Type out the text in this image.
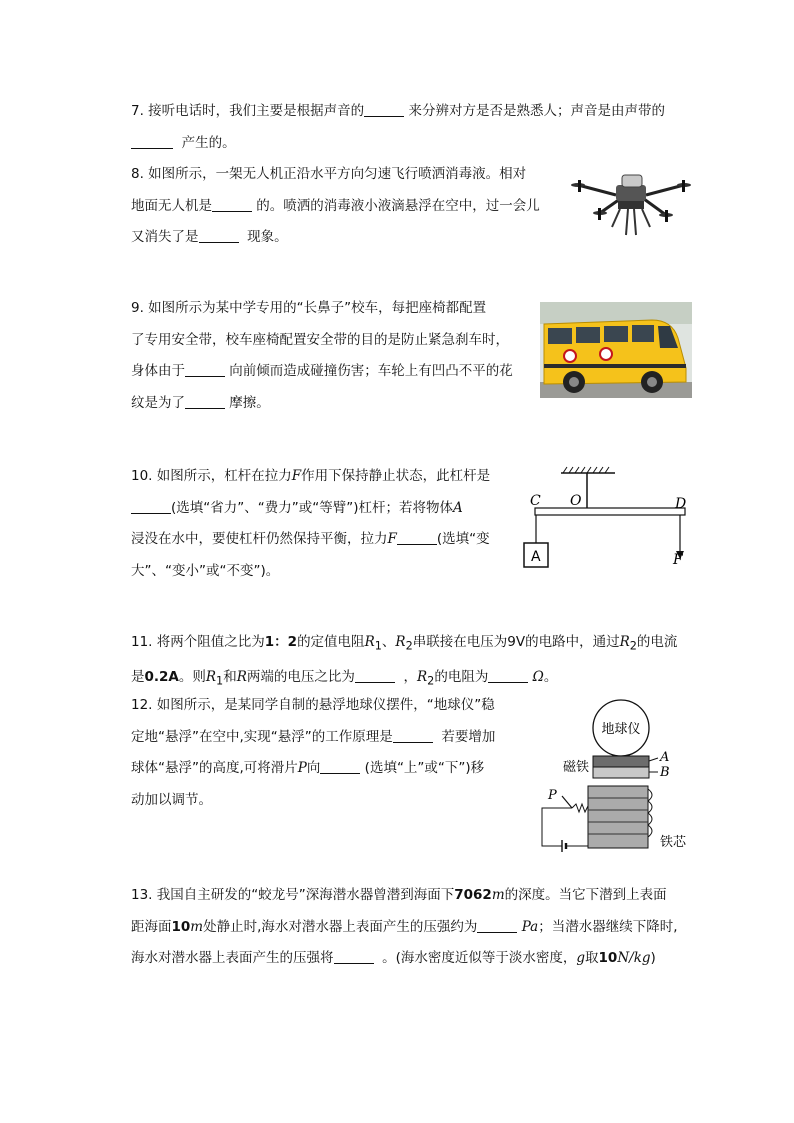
7. 接听电话时，我们主要是根据声音的	来分辨对方是否是熟悉人；声音是由声带的

产生的。

8. 如图所示，一架无人机正沿水平方向匀速飞行喷洒消毒液。相对

地面无人机是	的。喷洒的消毒液小液滴悬浮在空中，过一会儿

又消失了是	现象。

9. 如图所示为某中学专用的“长鼻子”校车，每把座椅都配置

了专用安全带，校车座椅配置安全带的目的是防止紧急刹车时，

身体由于	向前倾而造成碰撞伤害；车轮上有凹凸不平的花

纹是为了	摩擦。

10. 如图所示，杠杆在拉力F作用下保持静止状态，此杠杆是

(选填“省力”、“费力”或“等臂”)杠杆；若将物体A

浸没在水中，要使杠杆仍然保持平衡，拉力F	(选填“变

大”、“变小”或“不变”)。

C O	D
F
A

11. 将两个阻值之比为1：2的定值电阻$R_1$、$R_2$串联接在电压为9V的电路中，通过$R_2$的电流

是0.2A。则$R_1$和R两端的电压之比为	，$R_2$的电阻为	Ω。

12. 如图所示，是某同学自制的悬浮地球仪摆件，“地球仪”稳

定地“悬浮”在空中,实现“悬浮”的工作原理是	若要增加

球体“悬浮”的高度,可将滑片P向	(选填“上”或“下”)移

动加以调节。

地球仪
A
B
磁铁
铁芯
P

13. 我国自主研发的“蛟龙号”深海潜水器曾潜到海面下7062m的深度。当它下潜到上表面

距海面10m处静止时,海水对潜水器上表面产生的压强约为	Pa；当潜水器继续下降时,

海水对潜水器上表面产生的压强将	。(海水密度近似等于淡水密度，g取10N/kg)
